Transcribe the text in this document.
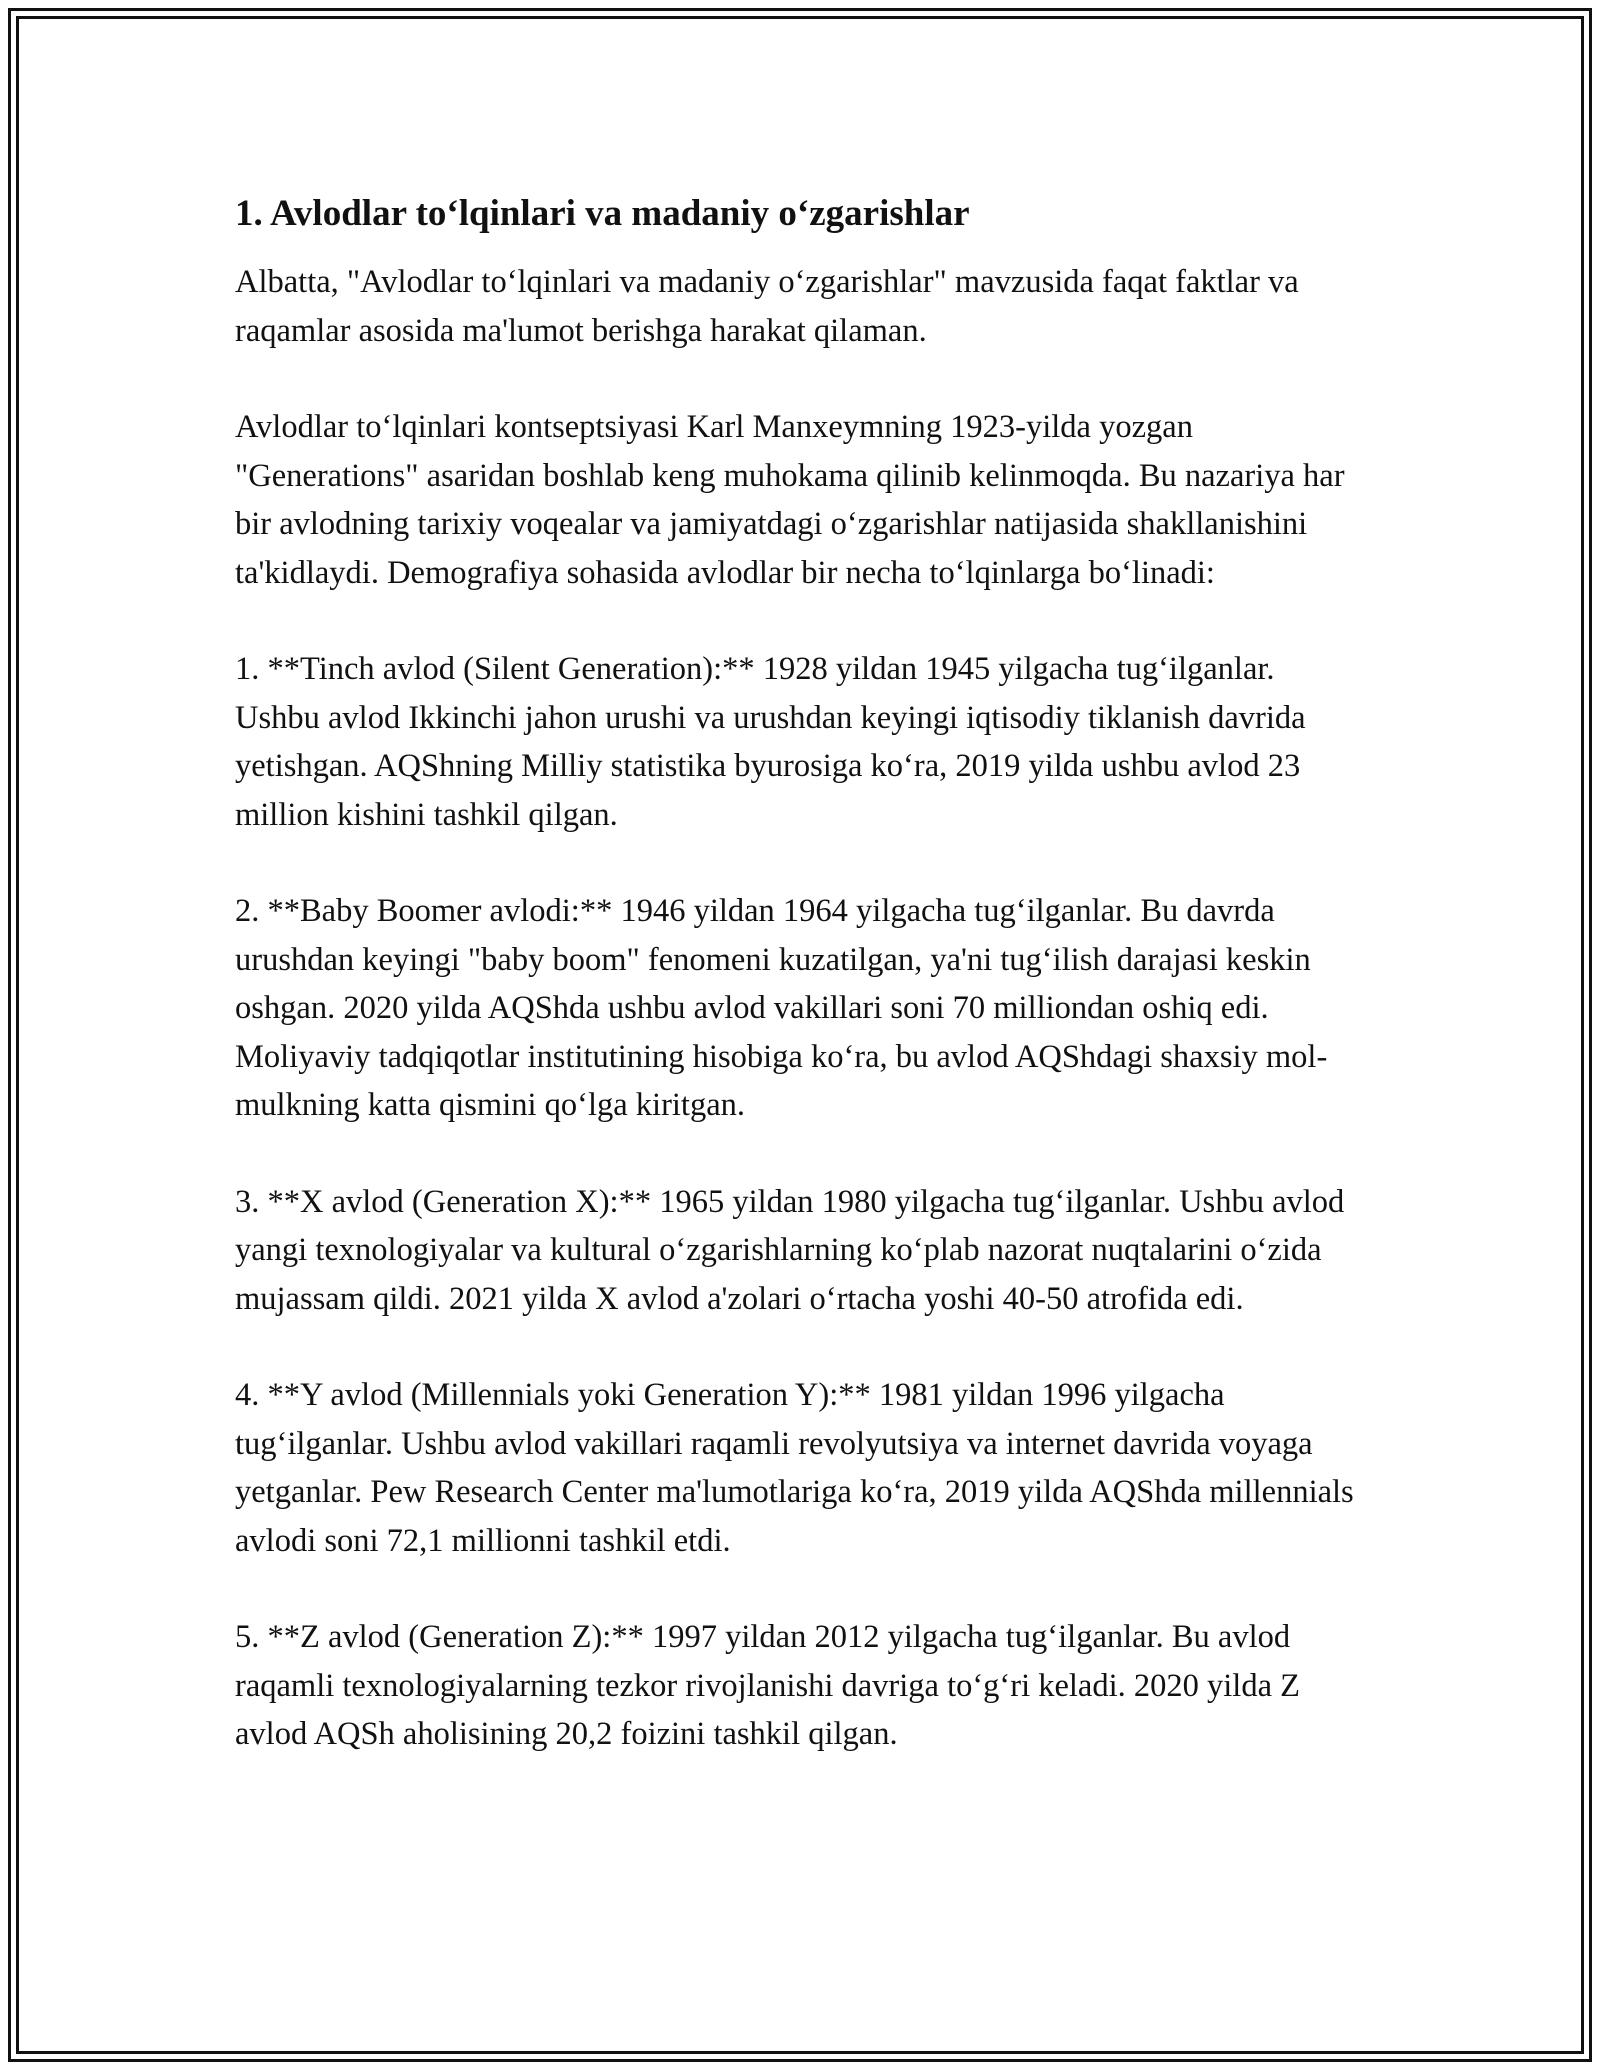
1. Avlodlar to‘lqinlari va madaniy o‘zgarishlar

Albatta, "Avlodlar to‘lqinlari va madaniy o‘zgarishlar" mavzusida faqat faktlar va raqamlar asosida ma'lumot berishga harakat qilaman.

Avlodlar to‘lqinlari kontseptsiyasi Karl Manxeymning 1923-yilda yozgan "Generations" asaridan boshlab keng muhokama qilinib kelinmoqda. Bu nazariya har bir avlodning tarixiy voqealar va jamiyatdagi o‘zgarishlar natijasida shakllanishini ta'kidlaydi. Demografiya sohasida avlodlar bir necha to‘lqinlarga bo‘linadi:

1. **Tinch avlod (Silent Generation):** 1928 yildan 1945 yilgacha tug‘ilganlar. Ushbu avlod Ikkinchi jahon urushi va urushdan keyingi iqtisodiy tiklanish davrida yetishgan. AQShning Milliy statistika byurosiga ko‘ra, 2019 yilda ushbu avlod 23 million kishini tashkil qilgan.

2. **Baby Boomer avlodi:** 1946 yildan 1964 yilgacha tug‘ilganlar. Bu davrda urushdan keyingi "baby boom" fenomeni kuzatilgan, ya'ni tug‘ilish darajasi keskin oshgan. 2020 yilda AQShda ushbu avlod vakillari soni 70 milliondan oshiq edi. Moliyaviy tadqiqotlar institutining hisobiga ko‘ra, bu avlod AQShdagi shaxsiy mol-mulkning katta qismini qo‘lga kiritgan.

3. **X avlod (Generation X):** 1965 yildan 1980 yilgacha tug‘ilganlar. Ushbu avlod yangi texnologiyalar va kultural o‘zgarishlarning ko‘plab nazorat nuqtalarini o‘zida mujassam qildi. 2021 yilda X avlod a'zolari o‘rtacha yoshi 40-50 atrofida edi.

4. **Y avlod (Millennials yoki Generation Y):** 1981 yildan 1996 yilgacha tug‘ilganlar. Ushbu avlod vakillari raqamli revolyutsiya va internet davrida voyaga yetganlar. Pew Research Center ma'lumotlariga ko‘ra, 2019 yilda AQShda millennials avlodi soni 72,1 millionni tashkil etdi.

5. **Z avlod (Generation Z):** 1997 yildan 2012 yilgacha tug‘ilganlar. Bu avlod raqamli texnologiyalarning tezkor rivojlanishi davriga to‘g‘ri keladi. 2020 yilda Z avlod AQSh aholisining 20,2 foizini tashkil qilgan.
